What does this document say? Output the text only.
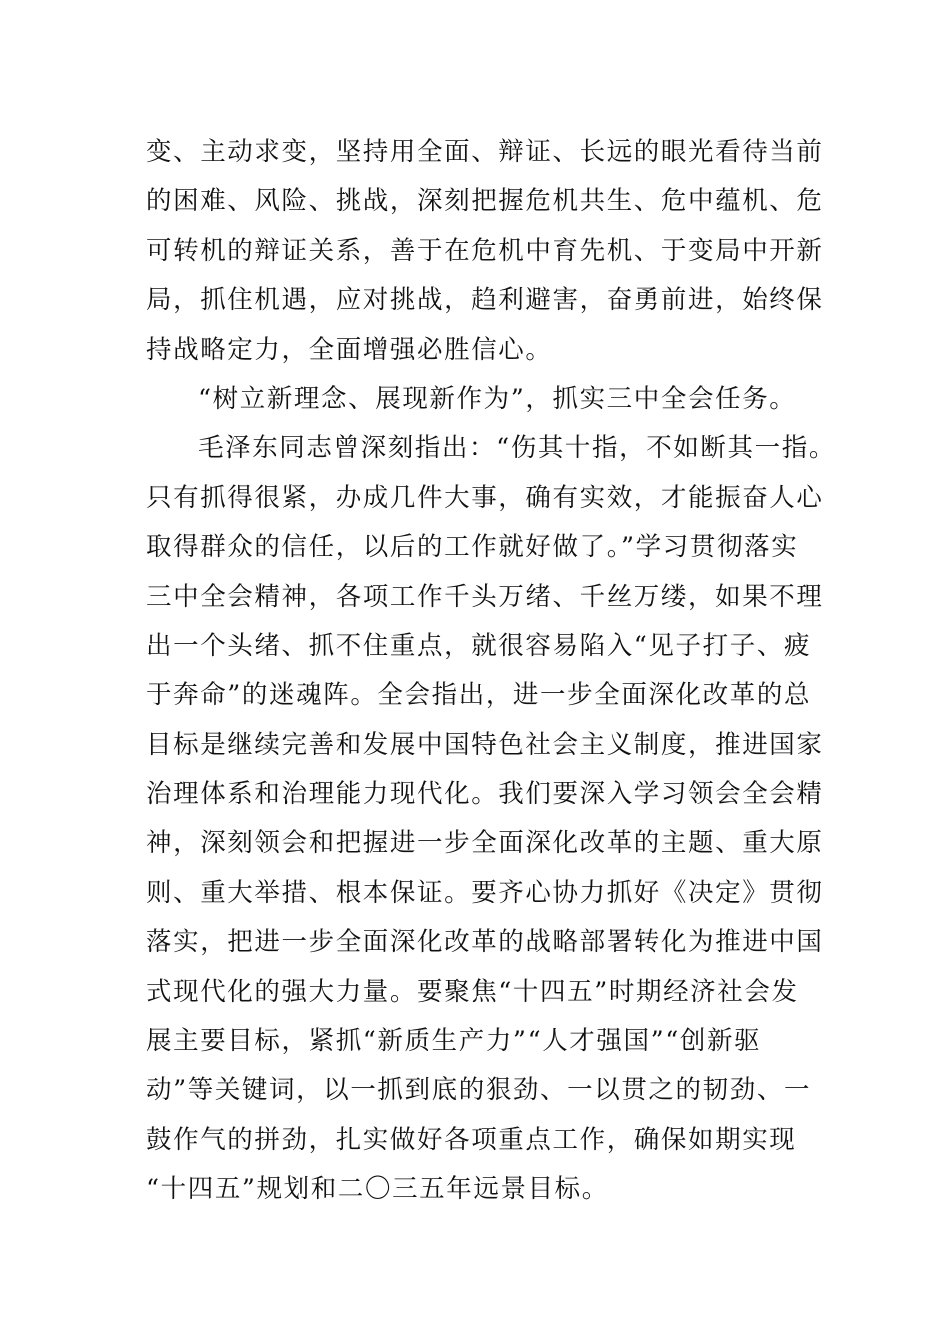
变、主动求变，坚持用全面、辩证、长远的眼光看待当前
的困难、风险、挑战，深刻把握危机共生、危中蕴机、危
可转机的辩证关系，善于在危机中育先机、于变局中开新
局，抓住机遇，应对挑战，趋利避害，奋勇前进，始终保
持战略定力，全面增强必胜信心。
“树立新理念、展现新作为”，抓实三中全会任务。
毛泽东同志曾深刻指出：“伤其十指，不如断其一指。
只有抓得很紧，办成几件大事，确有实效，才能振奋人心
取得群众的信任，以后的工作就好做了。”学习贯彻落实
三中全会精神，各项工作千头万绪、千丝万缕，如果不理
出一个头绪、抓不住重点，就很容易陷入“见子打子、疲
于奔命”的迷魂阵。全会指出，进一步全面深化改革的总
目标是继续完善和发展中国特色社会主义制度，推进国家
治理体系和治理能力现代化。我们要深入学习领会全会精
神，深刻领会和把握进一步全面深化改革的主题、重大原
则、重大举措、根本保证。要齐心协力抓好《决定》贯彻
落实，把进一步全面深化改革的战略部署转化为推进中国
式现代化的强大力量。要聚焦“十四五”时期经济社会发
展主要目标，紧抓“新质生产力”“人才强国”“创新驱
动”等关键词，以一抓到底的狠劲、一以贯之的韧劲、一
鼓作气的拼劲，扎实做好各项重点工作，确保如期实现
“十四五”规划和二〇三五年远景目标。
